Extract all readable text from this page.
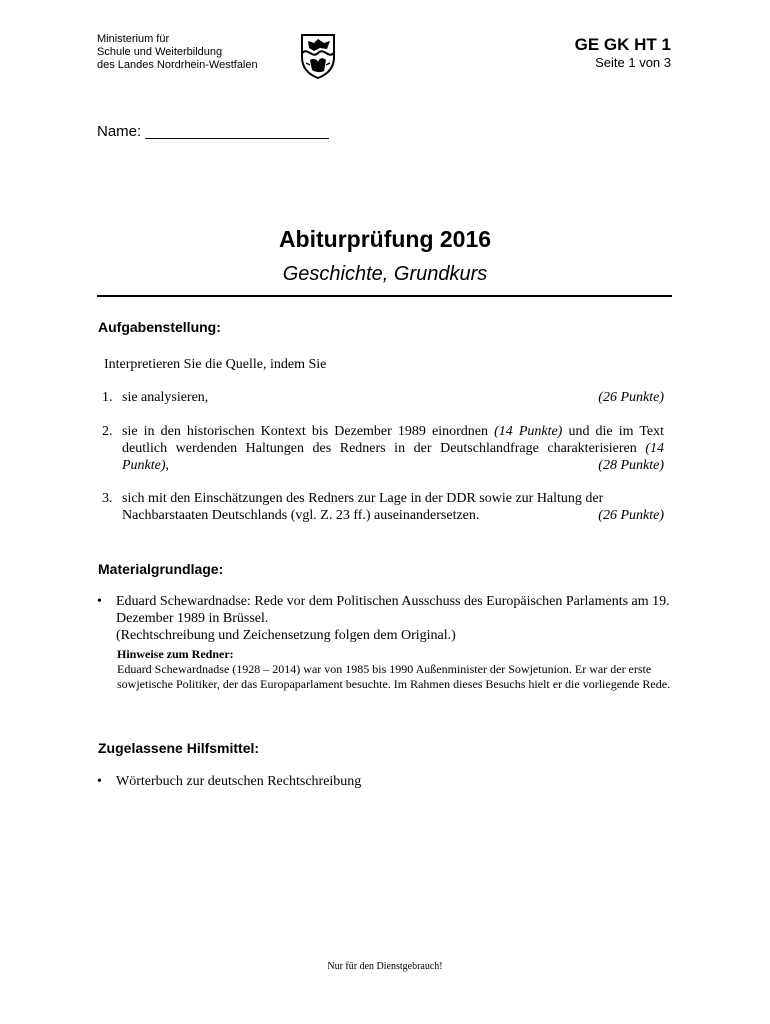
Ministerium für
Schule und Weiterbildung
des Landes Nordrhein-Westfalen
GE GK HT 1
Seite 1 von 3
Name: ______________________
Abiturprüfung 2016
Geschichte, Grundkurs
Aufgabenstellung:
Interpretieren Sie die Quelle, indem Sie
1.	(26 Punkte)
sie analysieren,
2. sie in den historischen Kontext bis Dezember 1989 einordnen (14 Punkte) und die im Text deutlich werdenden Haltungen des Redners in der Deutschlandfrage charakterisieren (14 Punkte),	(28 Punkte)
3. sich mit den Einschätzungen des Redners zur Lage in der DDR sowie zur Haltung der Nachbarstaaten Deutschlands (vgl. Z. 23 ff.) auseinandersetzen.	(26 Punkte)
Materialgrundlage:
• Eduard Schewardnadse: Rede vor dem Politischen Ausschuss des Europäischen Parlaments am 19. Dezember 1989 in Brüssel.
(Rechtschreibung und Zeichensetzung folgen dem Original.)
Hinweise zum Redner:
Eduard Schewardnadse (1928 – 2014) war von 1985 bis 1990 Außenminister der Sowjetunion. Er war der erste sowjetische Politiker, der das Europaparlament besuchte. Im Rahmen dieses Besuchs hielt er die vorliegende Rede.
Zugelassene Hilfsmittel:
• Wörterbuch zur deutschen Rechtschreibung
Nur für den Dienstgebrauch!
